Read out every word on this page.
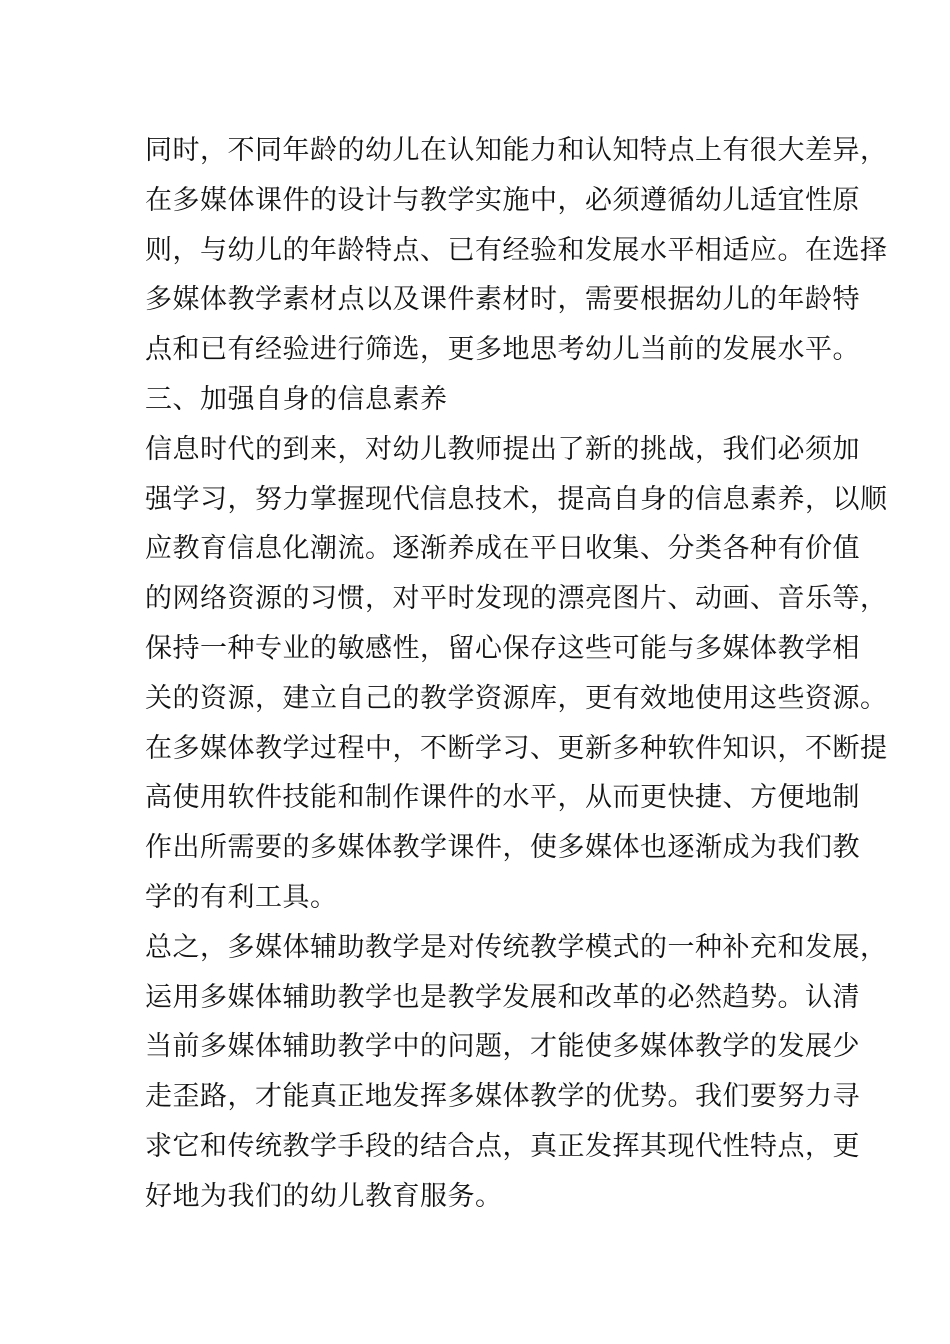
同时，不同年龄的幼儿在认知能力和认知特点上有很大差异，
在多媒体课件的设计与教学实施中，必须遵循幼儿适宜性原
则，与幼儿的年龄特点、已有经验和发展水平相适应。在选择
多媒体教学素材点以及课件素材时，需要根据幼儿的年龄特
点和已有经验进行筛选，更多地思考幼儿当前的发展水平。
三、加强自身的信息素养
信息时代的到来，对幼儿教师提出了新的挑战，我们必须加
强学习，努力掌握现代信息技术，提高自身的信息素养，以顺
应教育信息化潮流。逐渐养成在平日收集、分类各种有价值
的网络资源的习惯，对平时发现的漂亮图片、动画、音乐等，
保持一种专业的敏感性，留心保存这些可能与多媒体教学相
关的资源，建立自己的教学资源库，更有效地使用这些资源。
在多媒体教学过程中，不断学习、更新多种软件知识，不断提
高使用软件技能和制作课件的水平，从而更快捷、方便地制
作出所需要的多媒体教学课件，使多媒体也逐渐成为我们教
学的有利工具。
总之，多媒体辅助教学是对传统教学模式的一种补充和发展，
运用多媒体辅助教学也是教学发展和改革的必然趋势。认清
当前多媒体辅助教学中的问题，才能使多媒体教学的发展少
走歪路，才能真正地发挥多媒体教学的优势。我们要努力寻
求它和传统教学手段的结合点，真正发挥其现代性特点，更
好地为我们的幼儿教育服务。
